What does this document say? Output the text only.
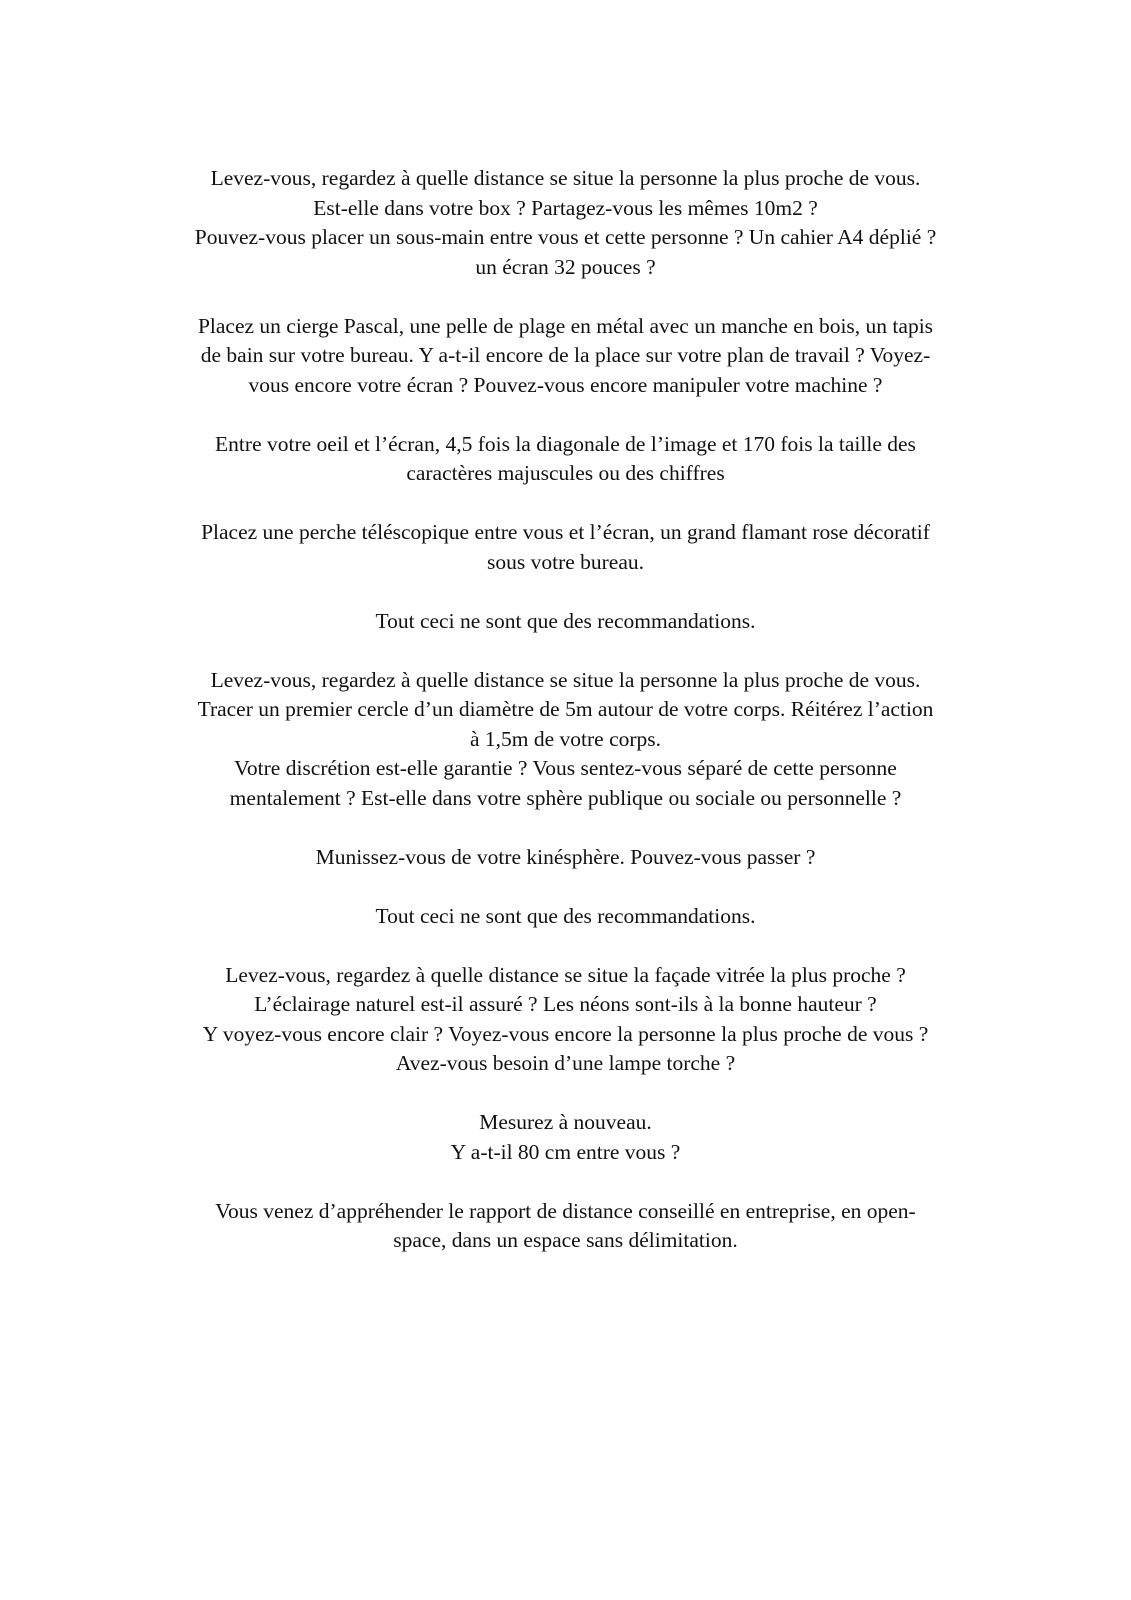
Levez-vous, regardez à quelle distance se situe la personne la plus proche de vous.
Est-elle dans votre box ? Partagez-vous les mêmes 10m2 ?
Pouvez-vous placer un sous-main entre vous et cette personne ? Un cahier A4 déplié ?
un écran 32 pouces ?
Placez un cierge Pascal, une pelle de plage en métal avec un manche en bois, un tapis
de bain sur votre bureau. Y a-t-il encore de la place sur votre plan de travail ? Voyez-
vous encore votre écran ? Pouvez-vous encore manipuler votre machine ?
Entre votre oeil et l’écran, 4,5 fois la diagonale de l’image et 170 fois la taille des
caractères majuscules ou des chiffres
Placez une perche téléscopique entre vous et l’écran, un grand flamant rose décoratif
sous votre bureau.
Tout ceci ne sont que des recommandations.
Levez-vous, regardez à quelle distance se situe la personne la plus proche de vous.
Tracer un premier cercle d’un diamètre de 5m autour de votre corps. Réitérez l’action
à 1,5m de votre corps.
Votre discrétion est-elle garantie ? Vous sentez-vous séparé de cette personne
mentalement ? Est-elle dans votre sphère publique ou sociale ou personnelle ?
Munissez-vous de votre kinésphère. Pouvez-vous passer ?
Tout ceci ne sont que des recommandations.
Levez-vous, regardez à quelle distance se situe la façade vitrée la plus proche ?
L’éclairage naturel est-il assuré ? Les néons sont-ils à la bonne hauteur ?
Y voyez-vous encore clair ? Voyez-vous encore la personne la plus proche de vous ?
Avez-vous besoin d’une lampe torche ?
Mesurez à nouveau.
Y a-t-il 80 cm entre vous ?
Vous venez d’appréhender le rapport de distance conseillé en entreprise, en open-
space, dans un espace sans délimitation.
